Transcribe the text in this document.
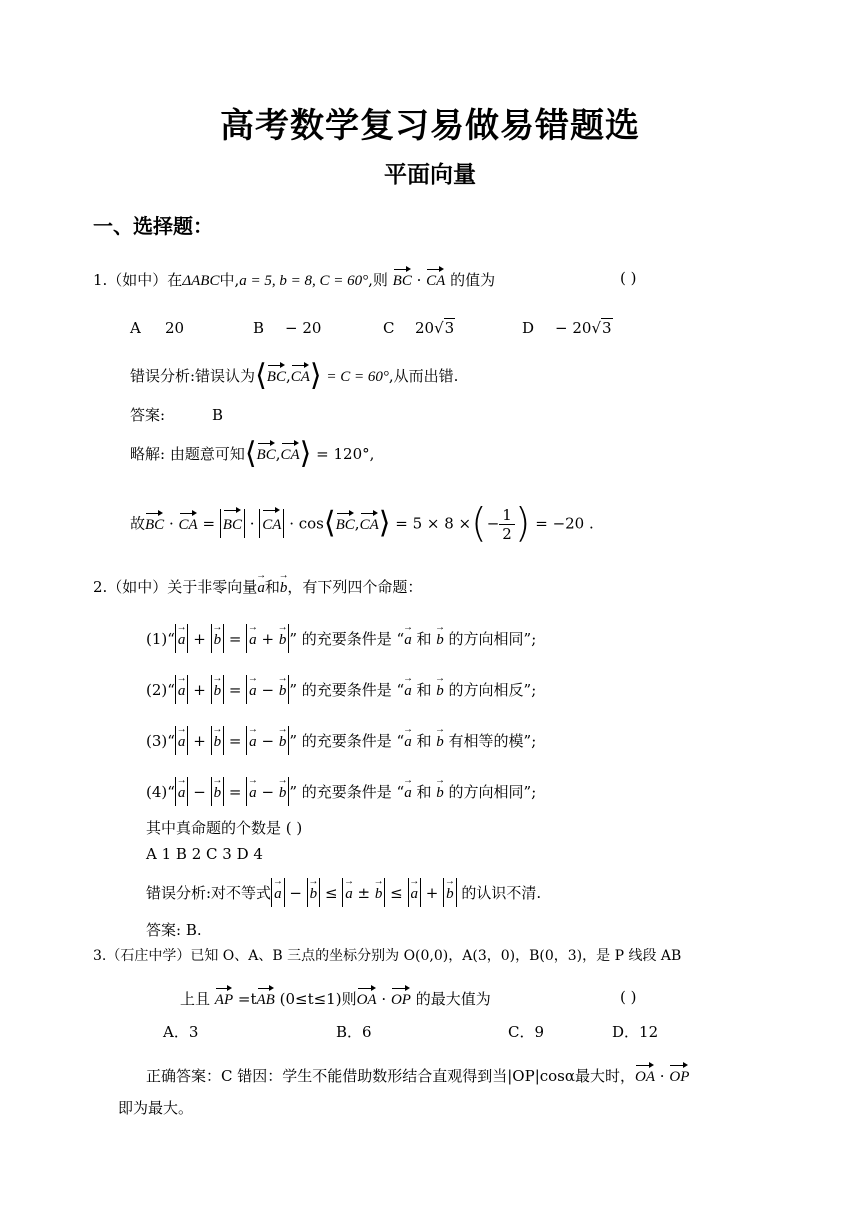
高考数学复习易做易错题选
平面向量
一、选择题：
1.（如中）在ΔABC中,a = 5, b = 8, C = 60°,则 BC · CA 的值为	( )
A 20	B − 20	C 20√3	D − 20√3
错误分析:错误认为⟨BC,CA⟩ = C = 60°,从而出错.
答案:	B
略解: 由题意可知⟨BC,CA⟩ = 120°,
故BC · CA = BC · CA · cos⟨BC,CA⟩ = 5 × 8 ×(− $\frac{1}{2}$ ) = −20 .
2.（如中）关于非零向量a →和b →，有下列四个命题：
(1)“ a → + b → = a → + b → ” 的充要条件是 “a → 和 b → 的方向相同”;
(2)“ a → + b → = a → − b → ” 的充要条件是 “a → 和 b → 的方向相反”;
(3)“ a → + b → = a → − b → ” 的充要条件是 “a → 和 b → 有相等的模”;
(4)“ a → − b → = a → − b → ” 的充要条件是 “a → 和 b → 的方向相同”;
其中真命题的个数是 ( )
A 1 B 2 C 3 D 4
错误分析:对不等式 a → − b → ≤ a → ± b → ≤ a → + b → 的认识不清.
答案: B.
3.（石庄中学）已知 O、A、B 三点的坐标分别为 O(0,0)，A(3，0)，B(0，3)，是 P 线段 AB
上且 AP =tAB (0≤t≤1)则OA · OP 的最大值为	( )
A．3	B．6	C．9	D．12
正确答案：C 错因：学生不能借助数形结合直观得到当|OP|cosα最大时，OA · OP
即为最大。
